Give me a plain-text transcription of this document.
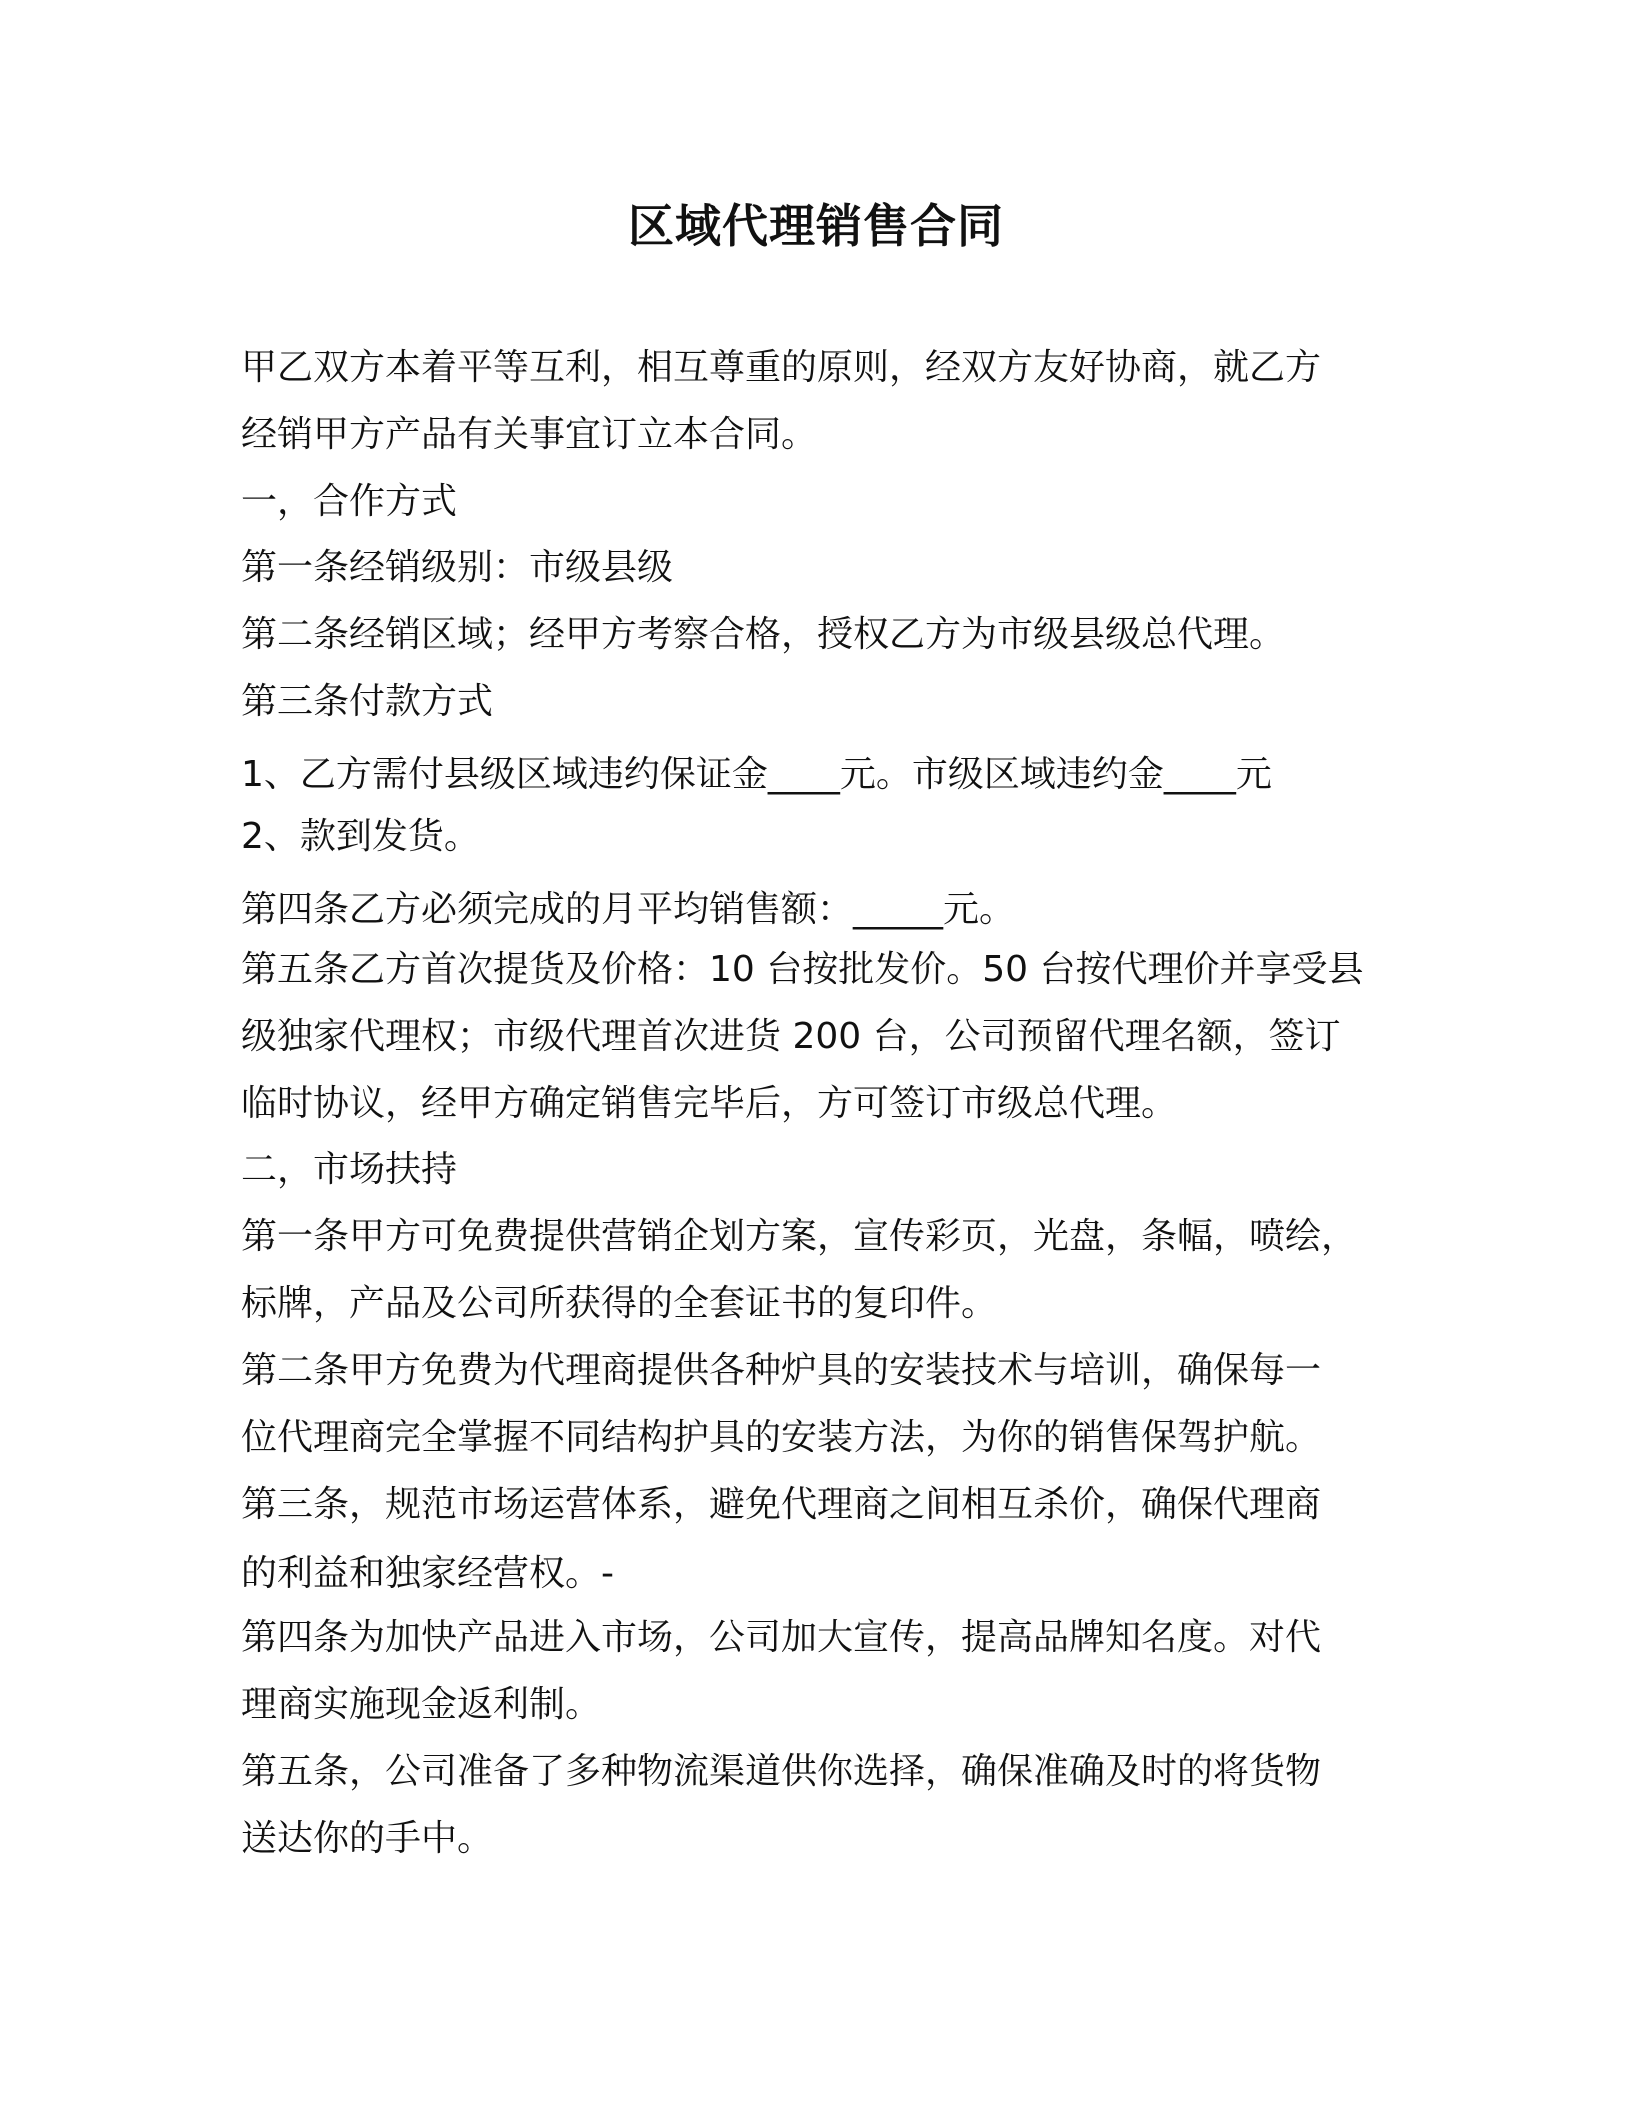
区域代理销售合同
甲乙双方本着平等互利，相互尊重的原则，经双方友好协商，就乙方
经销甲方产品有关事宜订立本合同。
一，合作方式
第一条经销级别：市级县级
第二条经销区域；经甲方考察合格，授权乙方为市级县级总代理。
第三条付款方式
1、乙方需付县级区域违约保证金____元。市级区域违约金____元
2、款到发货。
第四条乙方必须完成的月平均销售额：_____元。
第五条乙方首次提货及价格：10 台按批发价。50 台按代理价并享受县
级独家代理权；市级代理首次进货 200 台，公司预留代理名额，签订
临时协议，经甲方确定销售完毕后，方可签订市级总代理。
二，市场扶持
第一条甲方可免费提供营销企划方案，宣传彩页，光盘，条幅，喷绘，
标牌，产品及公司所获得的全套证书的复印件。
第二条甲方免费为代理商提供各种炉具的安装技术与培训，确保每一
位代理商完全掌握不同结构护具的安装方法，为你的销售保驾护航。
第三条，规范市场运营体系，避免代理商之间相互杀价，确保代理商
的利益和独家经营权。-
第四条为加快产品进入市场，公司加大宣传，提高品牌知名度。对代
理商实施现金返利制。
第五条，公司准备了多种物流渠道供你选择，确保准确及时的将货物
送达你的手中。
